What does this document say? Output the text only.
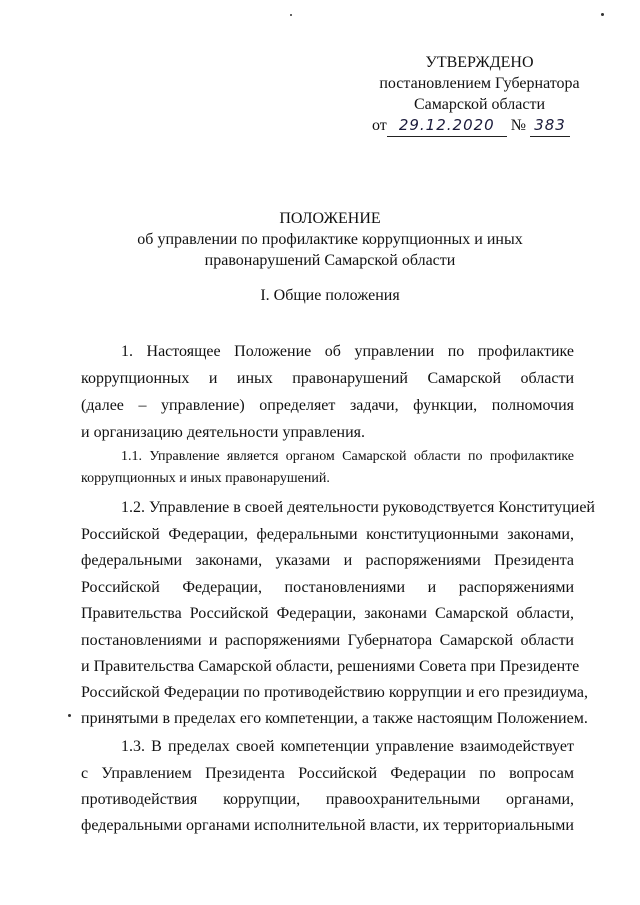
УТВЕРЖДЕНО
постановлением Губернатора
Самарской области
от 29.12.2020 № 383
ПОЛОЖЕНИЕ
об управлении по профилактике коррупционных и иных
правонарушений Самарской области
I. Общие положения
1. Настоящее Положение об управлении по профилактике
коррупционных и иных правонарушений Самарской области
(далее – управление) определяет задачи, функции, полномочия
и организацию деятельности управления.
1.1. Управление является органом Самарской области по профилактике
коррупционных и иных правонарушений.
1.2. Управление в своей деятельности руководствуется Конституцией
Российской Федерации, федеральными конституционными законами,
федеральными законами, указами и распоряжениями Президента
Российской Федерации, постановлениями и распоряжениями
Правительства Российской Федерации, законами Самарской области,
постановлениями и распоряжениями Губернатора Самарской области
и Правительства Самарской области, решениями Совета при Президенте
Российской Федерации по противодействию коррупции и его президиума,
принятыми в пределах его компетенции, а также настоящим Положением.
1.3. В пределах своей компетенции управление взаимодействует
с Управлением Президента Российской Федерации по вопросам
противодействия коррупции, правоохранительными органами,
федеральными органами исполнительной власти, их территориальными
